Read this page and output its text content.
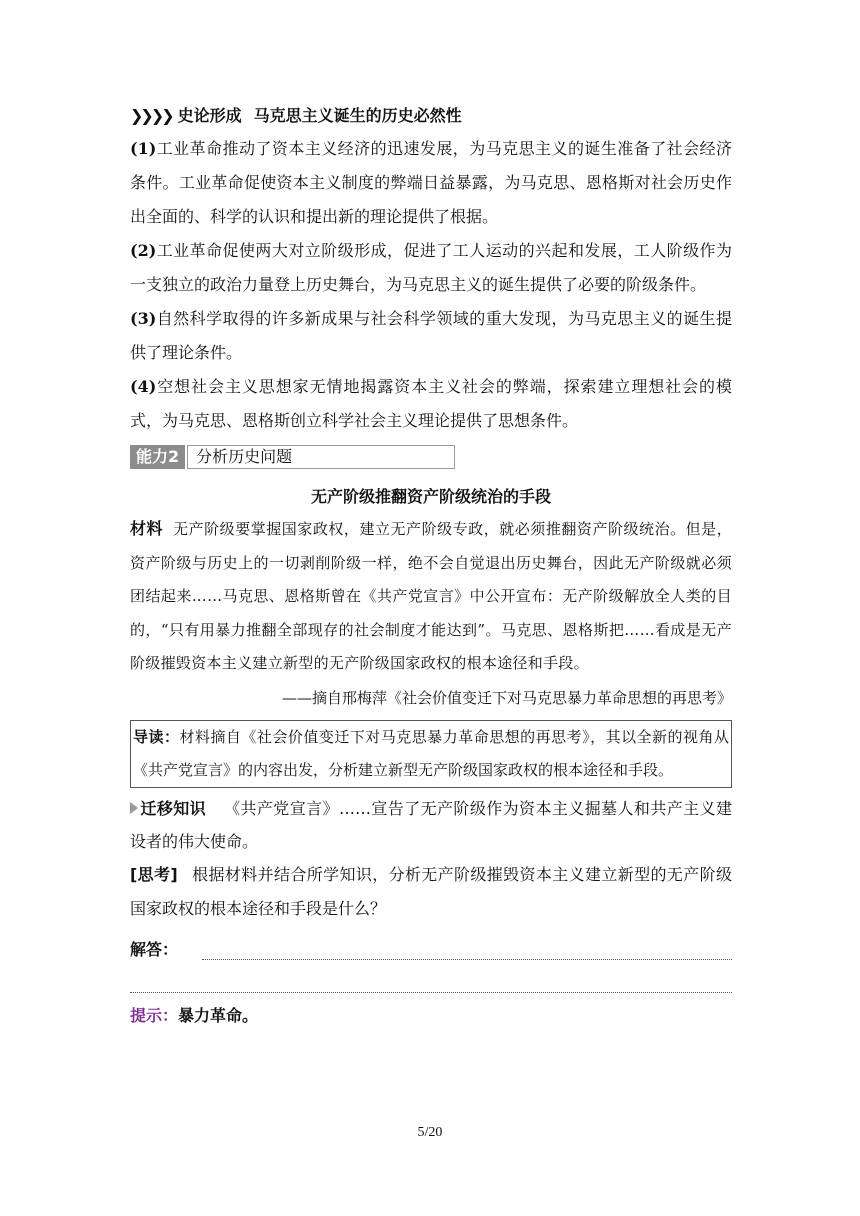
❯❯❯❯ 史论形成 马克思主义诞生的历史必然性
(1)工业革命推动了资本主义经济的迅速发展，为马克思主义的诞生准备了社会经济条件。工业革命促使资本主义制度的弊端日益暴露，为马克思、恩格斯对社会历史作出全面的、科学的认识和提出新的理论提供了根据。
(2)工业革命促使两大对立阶级形成，促进了工人运动的兴起和发展，工人阶级作为一支独立的政治力量登上历史舞台，为马克思主义的诞生提供了必要的阶级条件。
(3)自然科学取得的许多新成果与社会科学领域的重大发现，为马克思主义的诞生提供了理论条件。
(4)空想社会主义思想家无情地揭露资本主义社会的弊端，探索建立理想社会的模式，为马克思、恩格斯创立科学社会主义理论提供了思想条件。
能力2	分析历史问题
无产阶级推翻资产阶级统治的手段
材料 无产阶级要掌握国家政权，建立无产阶级专政，就必须推翻资产阶级统治。但是，资产阶级与历史上的一切剥削阶级一样，绝不会自觉退出历史舞台，因此无产阶级就必须团结起来……马克思、恩格斯曾在《共产党宣言》中公开宣布：无产阶级解放全人类的目的，“只有用暴力推翻全部现存的社会制度才能达到”。马克思、恩格斯把……看成是无产阶级摧毁资本主义建立新型的无产阶级国家政权的根本途径和手段。
——摘自邢梅萍《社会价值变迁下对马克思暴力革命思想的再思考》
导读：材料摘自《社会价值变迁下对马克思暴力革命思想的再思考》，其以全新的视角从《共产党宣言》的内容出发，分析建立新型无产阶级国家政权的根本途径和手段。
迁移知识 《共产党宣言》……宣告了无产阶级作为资本主义掘墓人和共产主义建设者的伟大使命。
[思考] 根据材料并结合所学知识，分析无产阶级摧毁资本主义建立新型的无产阶级国家政权的根本途径和手段是什么？
解答：
提示：暴力革命。
5/20
